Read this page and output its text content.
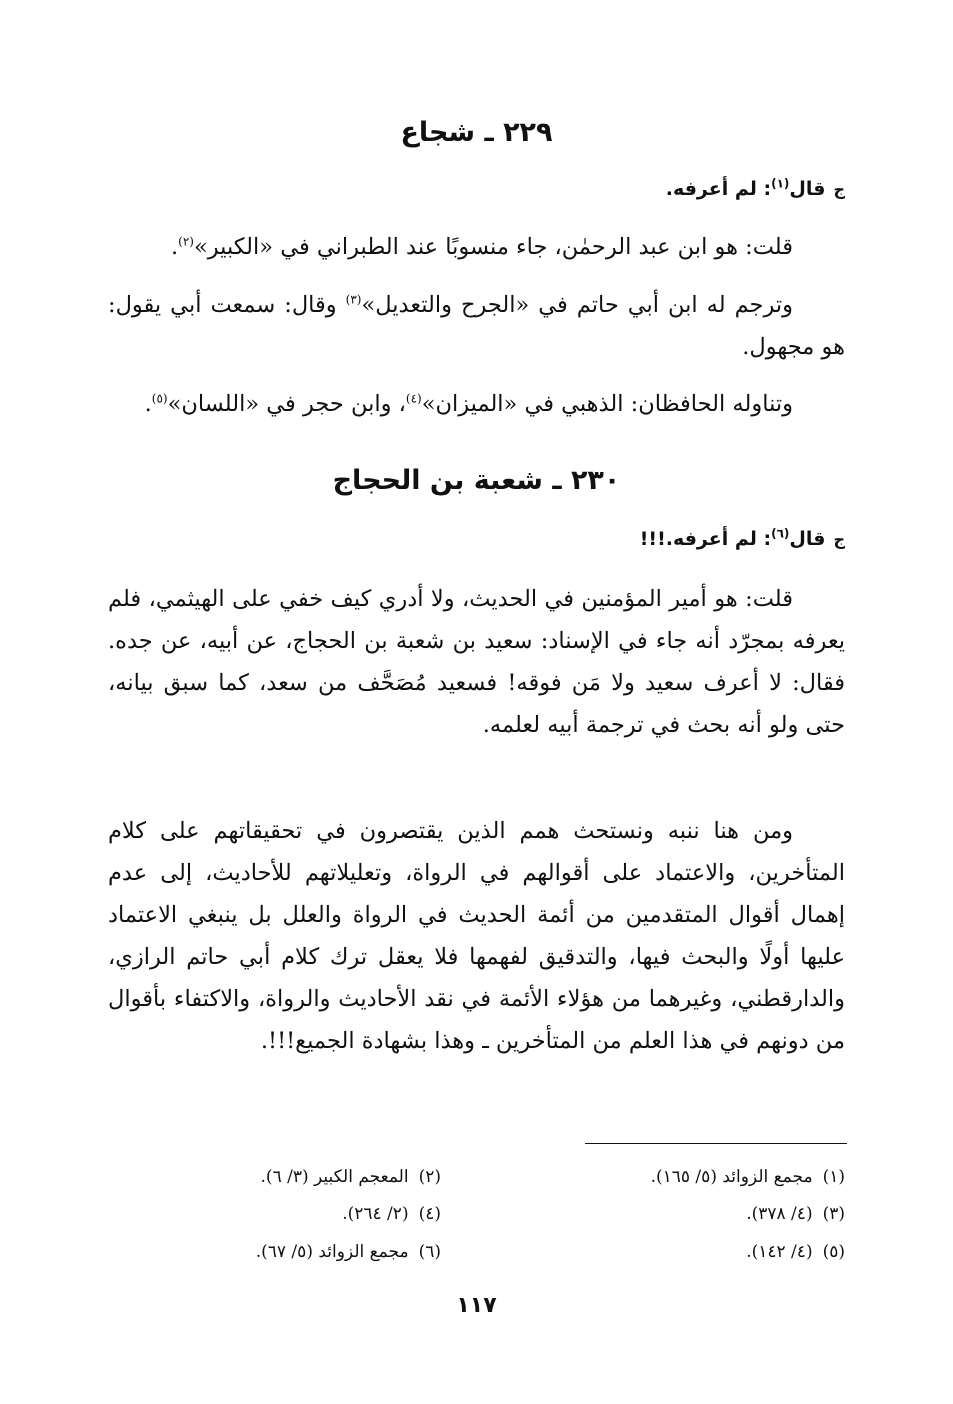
٢٢٩ ـ شجاع
جقال$^{(١)}$: لم أعرفه.
قلت: هو ابن عبد الرحمٰن، جاء منسوبًا عند الطبراني في «الكبير»$^{(٢)}$.
وترجم له ابن أبي حاتم في «الجرح والتعديل»$^{(٣)}$ وقال: سمعت أبي يقول: هو مجهول.
وتناوله الحافظان: الذهبي في «الميزان»$^{(٤)}$، وابن حجر في «اللسان»$^{(٥)}$.
٢٣٠ ـ شعبة بن الحجاج
جقال$^{(٦)}$: لم أعرفه.!!!
قلت: هو أمير المؤمنين في الحديث، ولا أدري كيف خفي على الهيثمي، فلم يعرفه بمجرّد أنه جاء في الإسناد: سعيد بن شعبة بن الحجاج، عن أبيه، عن جده. فقال: لا أعرف سعيد ولا مَن فوقه! فسعيد مُصَحَّف من سعد، كما سبق بيانه، حتى ولو أنه بحث في ترجمة أبيه لعلمه.
ومن هنا ننبه ونستحث همم الذين يقتصرون في تحقيقاتهم على كلام المتأخرين، والاعتماد على أقوالهم في الرواة، وتعليلاتهم للأحاديث، إلى عدم إهمال أقوال المتقدمين من أئمة الحديث في الرواة والعلل بل ينبغي الاعتماد عليها أولًا والبحث فيها، والتدقيق لفهمها فلا يعقل ترك كلام أبي حاتم الرازي، والدارقطني، وغيرهما من هؤلاء الأئمة في نقد الأحاديث والرواة، والاكتفاء بأقوال من دونهم في هذا العلم من المتأخرين ـ وهذا بشهادة الجميع!!!.
(١)مجمع الزوائد (٥/ ١٦٥).
(٢)المعجم الكبير (٣/ ٦).
(٣)(٤/ ٣٧٨).
(٤)(٢/ ٢٦٤).
(٥)(٤/ ١٤٢).
(٦)مجمع الزوائد (٥/ ٦٧).
١١٧
